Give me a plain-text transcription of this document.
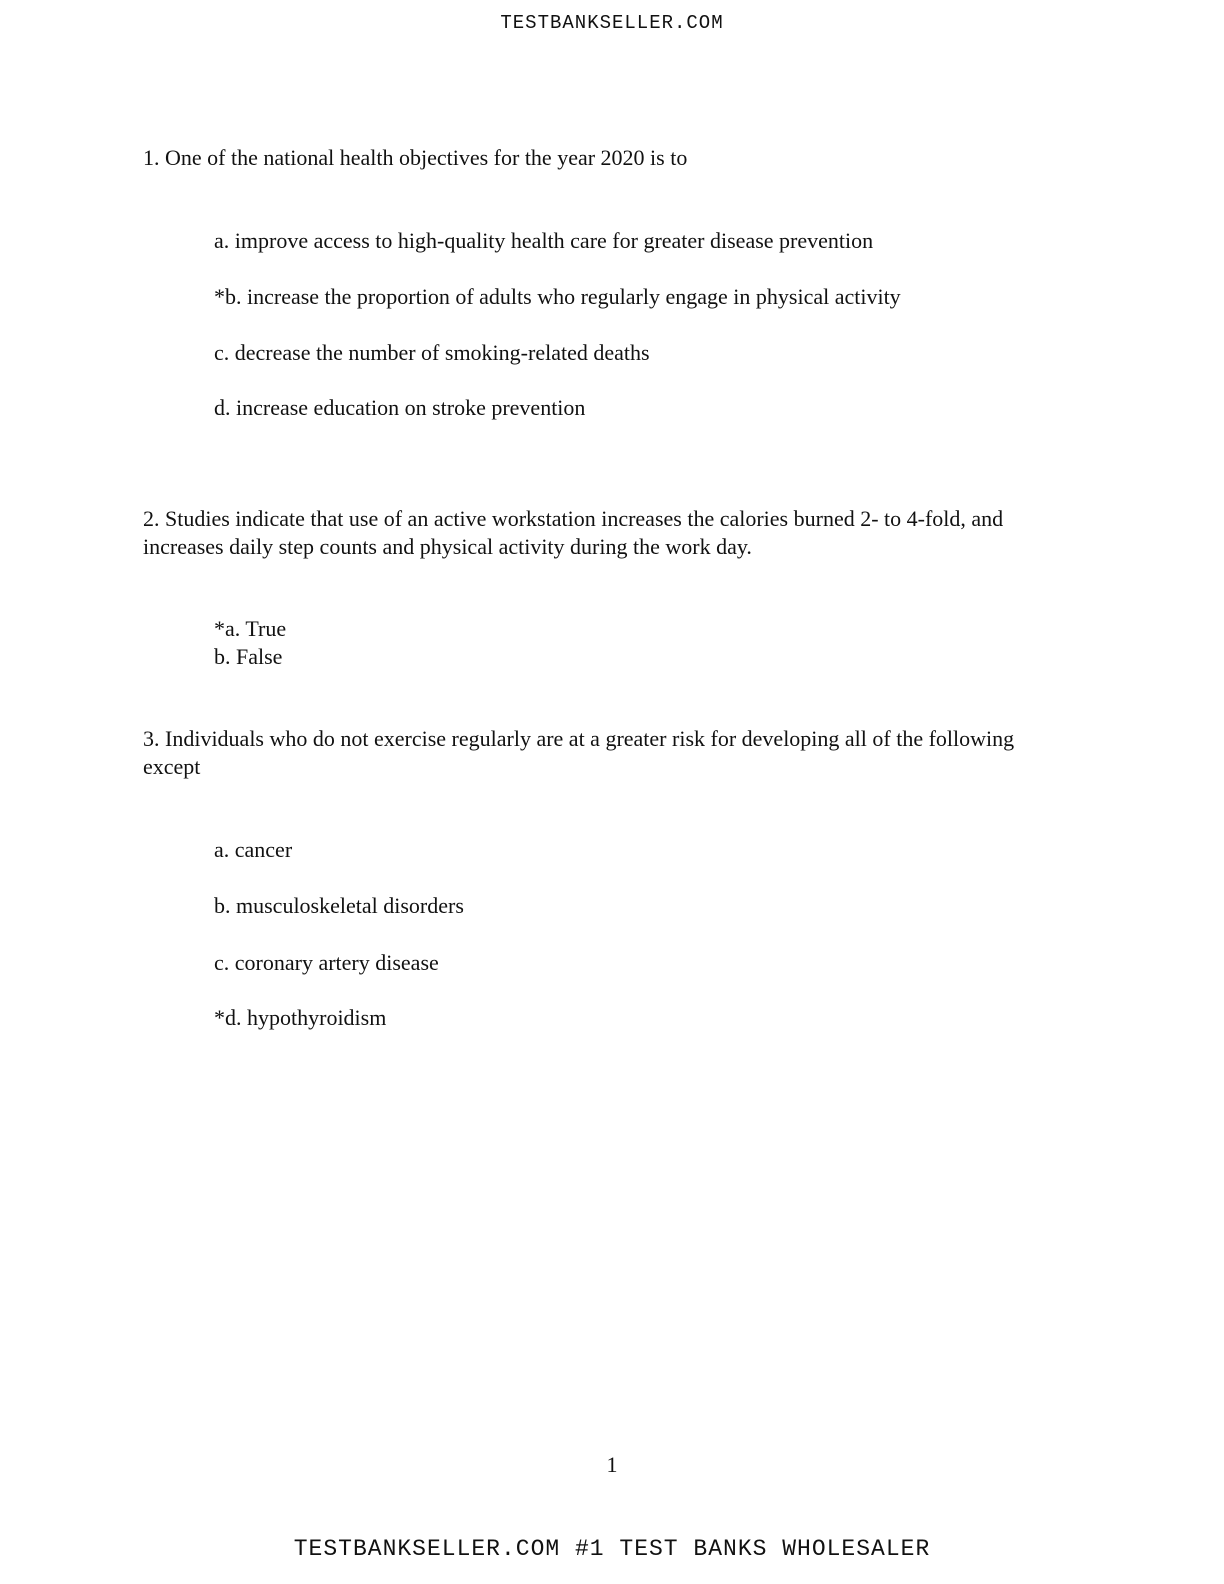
TESTBANKSELLER.COM

1. One of the national health objectives for the year 2020 is to

a. improve access to high-quality health care for greater disease prevention

*b. increase the proportion of adults who regularly engage in physical activity

c. decrease the number of smoking-related deaths

d. increase education on stroke prevention

2. Studies indicate that use of an active workstation increases the calories burned 2- to 4-fold, and increases daily step counts and physical activity during the work day.

*a. True

b. False

3. Individuals who do not exercise regularly are at a greater risk for developing all of the following except

a. cancer

b. musculoskeletal disorders

c. coronary artery disease

*d. hypothyroidism

1
TESTBANKSELLER.COM #1 TEST BANKS WHOLESALER
